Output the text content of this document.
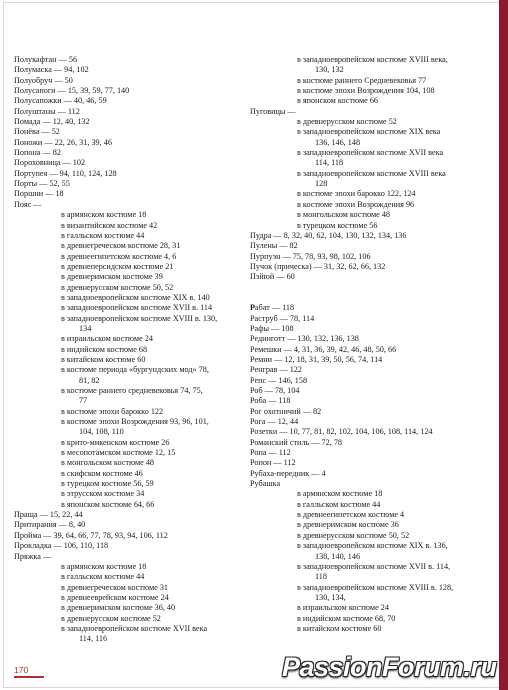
Полукафтан — 56
Полумаска — 94, 102
Полуобруч — 50
Полусапоги — 15, 39, 59, 77, 140
Полусапожки — 40, 46, 59
Полуштаны — 112
Помада — 12, 40, 132
Понёва — 52
Поножи — 22, 26, 31, 39, 46
Попона — 82
Пороховница — 102
Портупея — 94, 110, 124, 128
Порты — 52, 55
Поршни — 18
Пояс —
в армянском костюме 18
в византийском костюме 42
в галльском костюме 44
в древнегреческом костюме 28, 31
в древнеегипетском костюме 4, 6
в древнеперсидском костюме 21
в древнеримском костюме 39
в древнерусском костюме 50, 52
в западноевропейском костюме XIX в. 140
в западноевропейском костюме XVII в. 114
в западноевропейском костюме XVIII в. 130,
134
в израильском костюме 24
в индийском костюме 68
в китайском костюме 60
в костюме периода «бургундских мод» 78,
81, 82
в костюме раннего средневековья 74, 75,
77
в костюме эпохи барокко 122
в костюме эпохи Возрождения 93, 96, 101,
104, 108, 110
в крито-микенском костюме 26
в месопотамском костюме 12, 15
в монгольском костюме 48
в скифском костюме 46
в турецком костюме 56, 59
в этрусском костюме 34
в японском костюме 64, 66
Праща — 15, 22, 44
Притирания — 8, 40
Пройма — 39, 64, 66, 77, 78, 93, 94, 106, 112
Прокладка — 106, 110, 118
Пряжка —
в армянском костюме 18
в галльском костюме 44
в древнегреческом костюме 31
в древнееврейском костюме 24
в древнеримском костюме 36, 40
в древнерусском костюме 52
в западноевропейском костюме XVII века
114, 116
в западноевропейском костюме XVIII века,
130, 132
в костюме раннего Средневековья 77
в костюме эпохи Возрождения 104, 108
в японском костюме 66
Пуговицы —
в древнерусском костюме 52
в западноевропейском костюме XIX века
136, 146, 148
в западноевропейском костюме XVII века
114, 118
в западноевропейском костюме XVIII века
128
в костюме эпохи барокко 122, 124
в костюме эпохи Возрождения 96
в монгольском костюме 48
в турецком костюме 56
Пудра — 8, 32, 40, 62, 104, 130, 132, 134, 136
Пулены — 82
Пурпуэн — 75, 78, 93, 98, 102, 106
Пучок (прическа) — 31, 32, 62, 66, 132
Пэйюй — 60
Рабат — 118
Раструб — 78, 114
Рафы — 108
Рединготт — 130, 132, 136, 138
Ремешки — 4, 31, 36, 39, 42, 46, 48, 50, 66
Ремни — 12, 18, 31, 39, 50, 56, 74, 114
Ренграв — 122
Репс — 146, 158
Роб — 78, 104
Роба — 118
Рог охотничий — 82
Рога — 12, 44
Розетки — 10, 77, 81, 82, 102, 104, 106, 108, 114, 124
Романский стиль — 72, 78
Ропа — 112
Ропон — 112
Рубаха-передник — 4
Рубашка
в армянском костюме 18
в галльском костюме 44
в древнеегипетском костюме 4
в древнеримском костюме 36
в древнерусском костюме 50, 52
в западноевропейском костюме XIX в. 136,
138, 140, 146
в западноевропейском костюме XVII в. 114,
118
в западноевропейском костюме XVIII в. 128,
130, 134,
в израильском костюме 24
в индийском костюме 68, 70
в китайском костюме 60
170	PassionForum.ru
